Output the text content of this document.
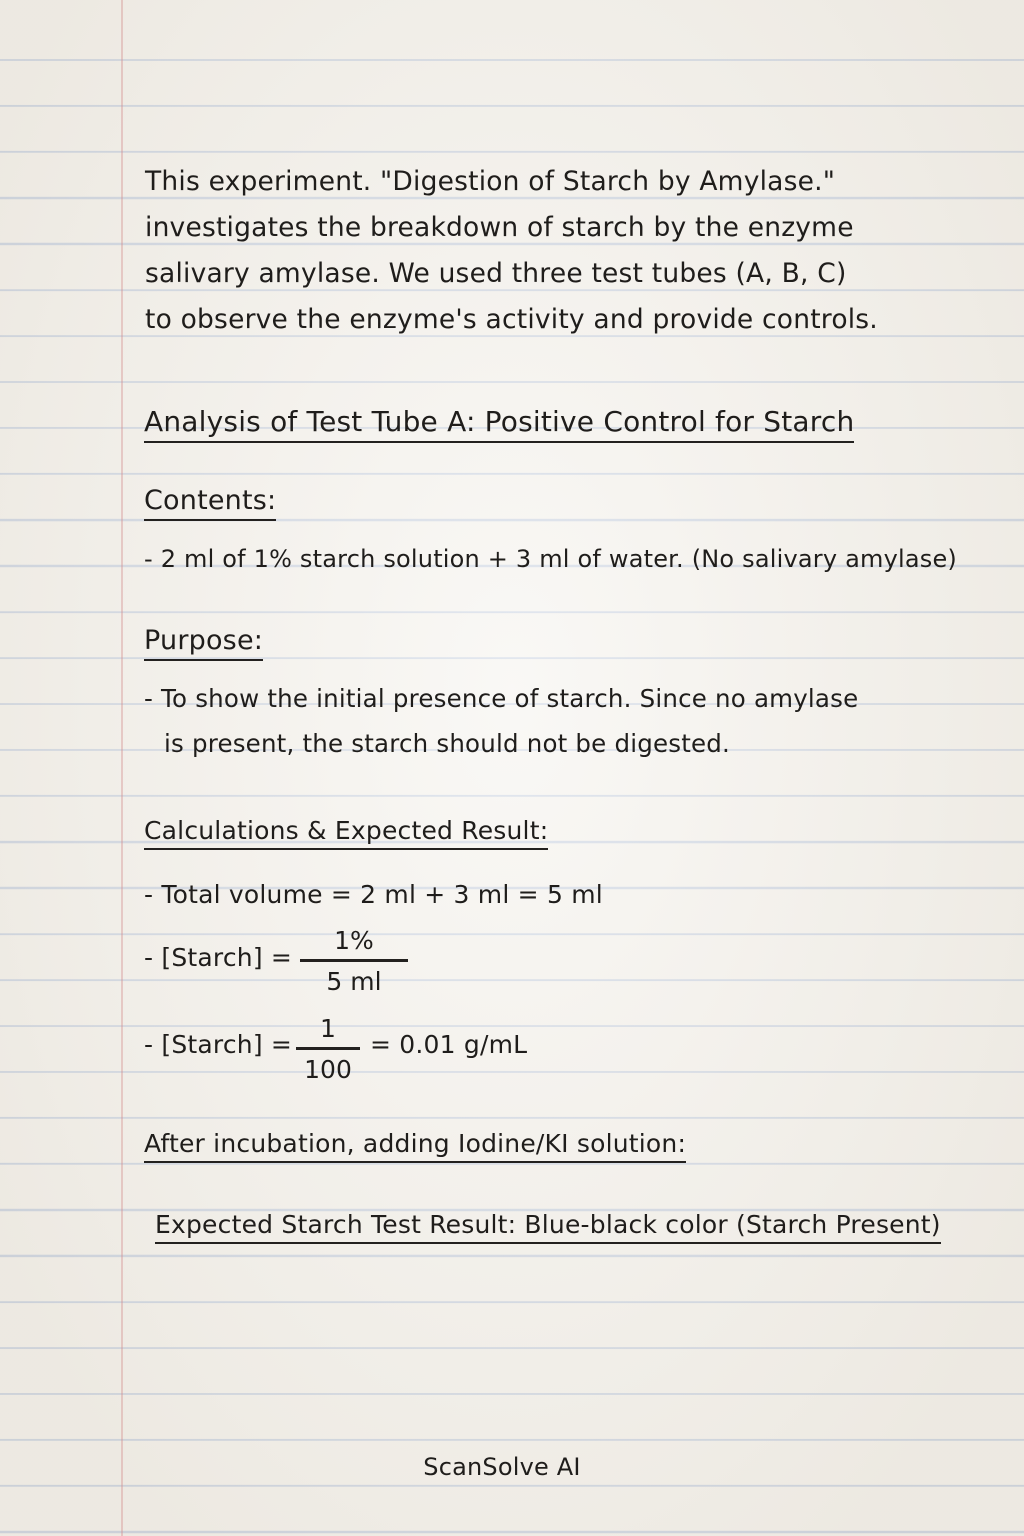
This experiment. "Digestion of Starch by Amylase."
investigates the breakdown of starch by the enzyme
salivary amylase. We used three test tubes (A, B, C)
to observe the enzyme's activity and provide controls.
Analysis of Test Tube A: Positive Control for Starch
Contents:
- 2 ml of 1% starch solution + 3 ml of water. (No salivary amylase)
Purpose:
- To show the initial presence of starch. Since no amylase
is present, the starch should not be digested.
Calculations & Expected Result:
- Total volume = 2 ml + 3 ml = 5 ml
- [Starch] =
1%
5 ml
- [Starch] =
1
100
= 0.01 g/mL
After incubation, adding Iodine/KI solution:
Expected Starch Test Result: Blue-black color (Starch Present)
ScanSolve AI
